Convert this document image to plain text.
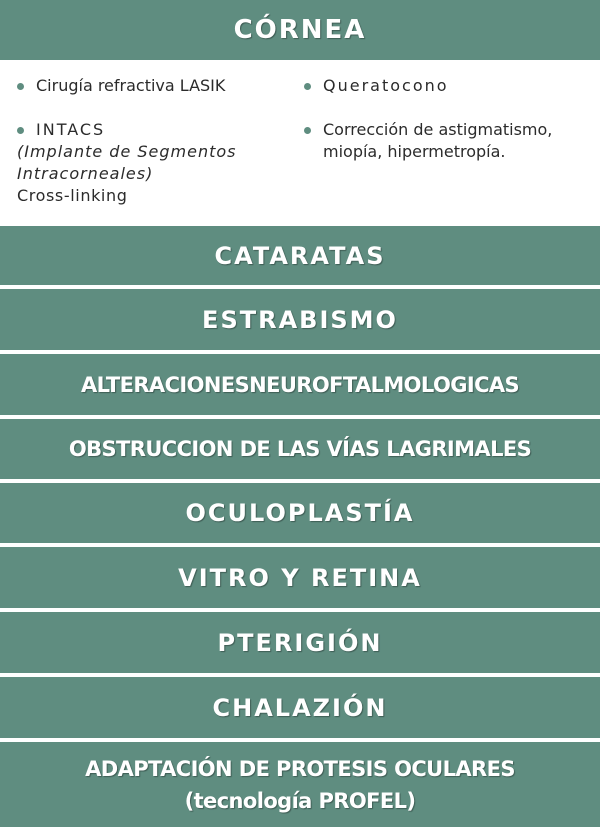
CÓRNEA
Cirugía refractiva LASIK	Queratocono
INTACS
(Implante de Segmentos
Intracorneales)
Cross-linking
Corrección de astigmatismo,
miopía, hipermetropía.
CATARATAS
ESTRABISMO
ALTERACIONESNEUROFTALMOLOGICAS
OBSTRUCCION DE LAS VÍAS LAGRIMALES
OCULOPLASTÍA
VITRO Y RETINA
PTERIGIÓN
CHALAZIÓN
ADAPTACIÓN DE PROTESIS OCULARES
(tecnología PROFEL)
